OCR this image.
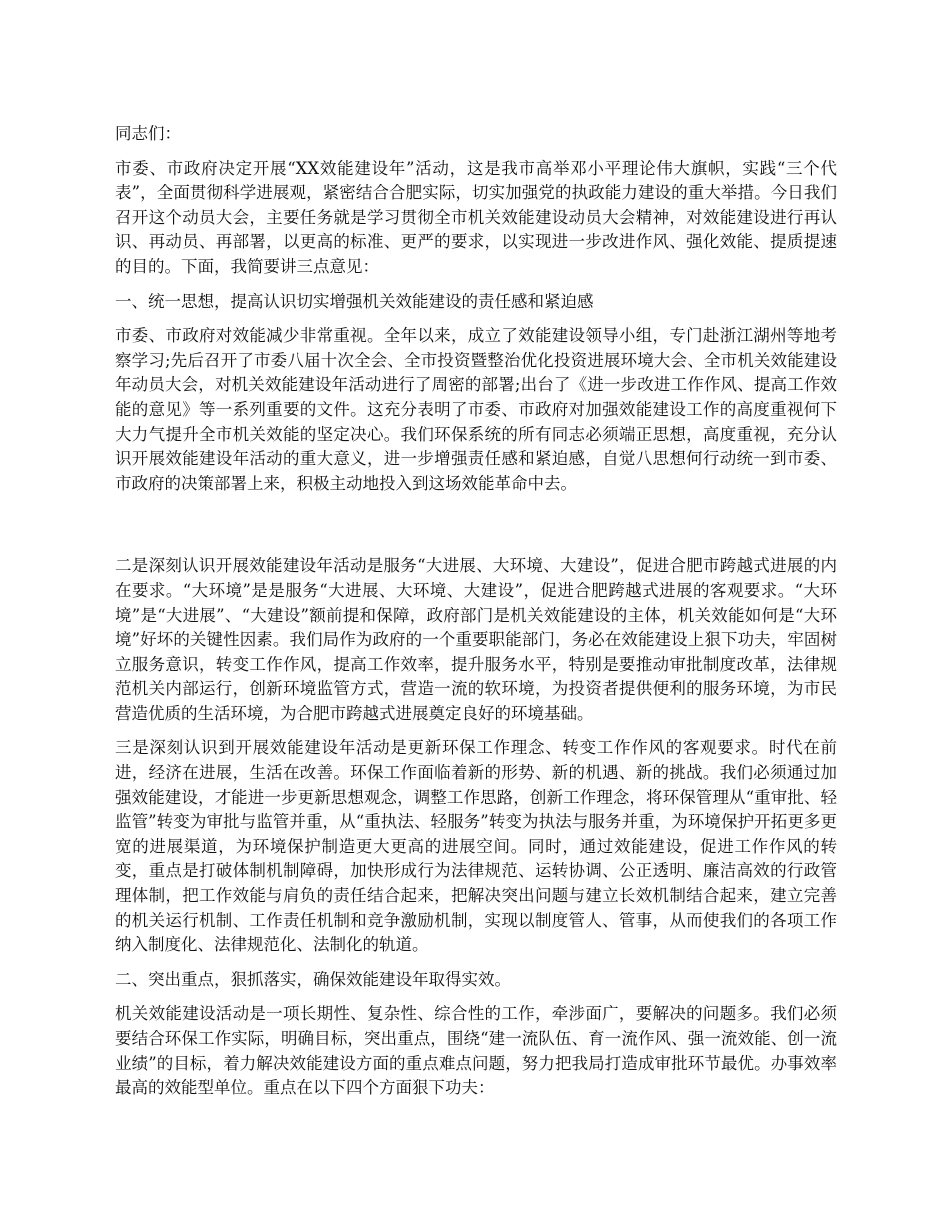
同志们：

市委、市政府决定开展“XX效能建设年”活动，这是我市高举邓小平理论伟大旗帜，实践“三个代表”，全面贯彻科学进展观，紧密结合合肥实际，切实加强党的执政能力建设的重大举措。今日我们召开这个动员大会，主要任务就是学习贯彻全市机关效能建设动员大会精神，对效能建设进行再认识、再动员、再部署，以更高的标准、更严的要求，以实现进一步改进作风、强化效能、提质提速的目的。下面，我简要讲三点意见：

一、统一思想，提高认识切实增强机关效能建设的责任感和紧迫感

市委、市政府对效能减少非常重视。全年以来，成立了效能建设领导小组，专门赴浙江湖州等地考察学习;先后召开了市委八届十次全会、全市投资暨整治优化投资进展环境大会、全市机关效能建设年动员大会，对机关效能建设年活动进行了周密的部署;出台了《进一步改进工作作风、提高工作效能的意见》等一系列重要的文件。这充分表明了市委、市政府对加强效能建设工作的高度重视何下大力气提升全市机关效能的坚定决心。我们环保系统的所有同志必须端正思想，高度重视，充分认识开展效能建设年活动的重大意义，进一步增强责任感和紧迫感，自觉八思想何行动统一到市委、市政府的决策部署上来，积极主动地投入到这场效能革命中去。

二是深刻认识开展效能建设年活动是服务“大进展、大环境、大建设”，促进合肥市跨越式进展的内在要求。“大环境”是是服务“大进展、大环境、大建设”，促进合肥跨越式进展的客观要求。“大环境”是“大进展”、“大建设”额前提和保障，政府部门是机关效能建设的主体，机关效能如何是“大环境”好坏的关键性因素。我们局作为政府的一个重要职能部门，务必在效能建设上狠下功夫，牢固树立服务意识，转变工作作风，提高工作效率，提升服务水平，特别是要推动审批制度改革，法律规范机关内部运行，创新环境监管方式，营造一流的软环境，为投资者提供便利的服务环境，为市民营造优质的生活环境，为合肥市跨越式进展奠定良好的环境基础。

三是深刻认识到开展效能建设年活动是更新环保工作理念、转变工作作风的客观要求。时代在前进，经济在进展，生活在改善。环保工作面临着新的形势、新的机遇、新的挑战。我们必须通过加强效能建设，才能进一步更新思想观念，调整工作思路，创新工作理念，将环保管理从“重审批、轻监管”转变为审批与监管并重，从“重执法、轻服务”转变为执法与服务并重，为环境保护开拓更多更宽的进展渠道，为环境保护制造更大更高的进展空间。同时，通过效能建设，促进工作作风的转变，重点是打破体制机制障碍，加快形成行为法律规范、运转协调、公正透明、廉洁高效的行政管理体制，把工作效能与肩负的责任结合起来，把解决突出问题与建立长效机制结合起来，建立完善的机关运行机制、工作责任机制和竞争激励机制，实现以制度管人、管事，从而使我们的各项工作纳入制度化、法律规范化、法制化的轨道。

二、突出重点，狠抓落实，确保效能建设年取得实效。

机关效能建设活动是一项长期性、复杂性、综合性的工作，牵涉面广，要解决的问题多。我们必须要结合环保工作实际，明确目标，突出重点，围绕“建一流队伍、育一流作风、强一流效能、创一流业绩”的目标，着力解决效能建设方面的重点难点问题，努力把我局打造成审批环节最优。办事效率最高的效能型单位。重点在以下四个方面狠下功夫：
